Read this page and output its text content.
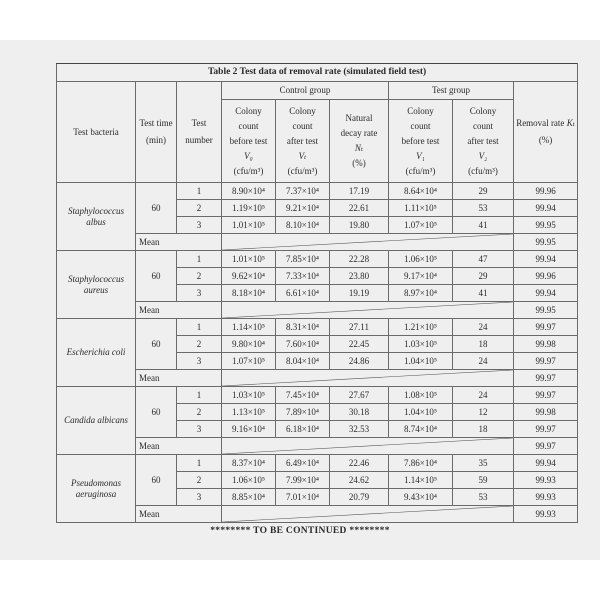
Table 2 Test data of removal rate (simulated field test)								
Test bacteria	Test time (min)	Test number	Control group			Test group		Removal rate Kₜ (%)

			Colony
count
before test
V₀
(cfu/m³)	Colony
count
after test
Vₜ
(cfu/m³)	Natural
decay rate
Nₜ
(%)	Colony
count
before test
V₁
(cfu/m³)	Colony
count
after test
V₂
(cfu/m³)	

Staphylococcus
albus	60	1	8.90×10⁴	7.37×10⁴	17.19	8.64×10⁴	29	99.96
		2	1.19×10⁵	9.21×10⁴	22.61	1.11×10⁵	53	99.94
		3	1.01×10⁵	8.10×10⁴	19.80	1.07×10⁵	41	99.95
	Mean							99.95

Staphylococcus
aureus	60	1	1.01×10⁵	7.85×10⁴	22.28	1.06×10⁵	47	99.94
		2	9.62×10⁴	7.33×10⁴	23.80	9.17×10⁴	29	99.96
		3	8.18×10⁴	6.61×10⁴	19.19	8.97×10⁴	41	99.94
	Mean							99.95

Escherichia coli	60	1	1.14×10⁵	8.31×10⁴	27.11	1.21×10⁵	24	99.97
		2	9.80×10⁴	7.60×10⁴	22.45	1.03×10⁵	18	99.98
		3	1.07×10⁵	8.04×10⁴	24.86	1.04×10⁵	24	99.97
	Mean							99.97

Candida albicans	60	1	1.03×10⁵	7.45×10⁴	27.67	1.08×10⁵	24	99.97
		2	1.13×10⁵	7.89×10⁴	30.18	1.04×10⁵	12	99.98
		3	9.16×10⁴	6.18×10⁴	32.53	8.74×10⁴	18	99.97
	Mean							99.97

Pseudomonas
aeruginosa	60	1	8.37×10⁴	6.49×10⁴	22.46	7.86×10⁴	35	99.94
		2	1.06×10⁵	7.99×10⁴	24.62	1.14×10⁵	59	99.93
		3	8.85×10⁴	7.01×10⁴	20.79	9.43×10⁴	53	99.93
	Mean							99.93
******** TO BE CONTINUED ********
